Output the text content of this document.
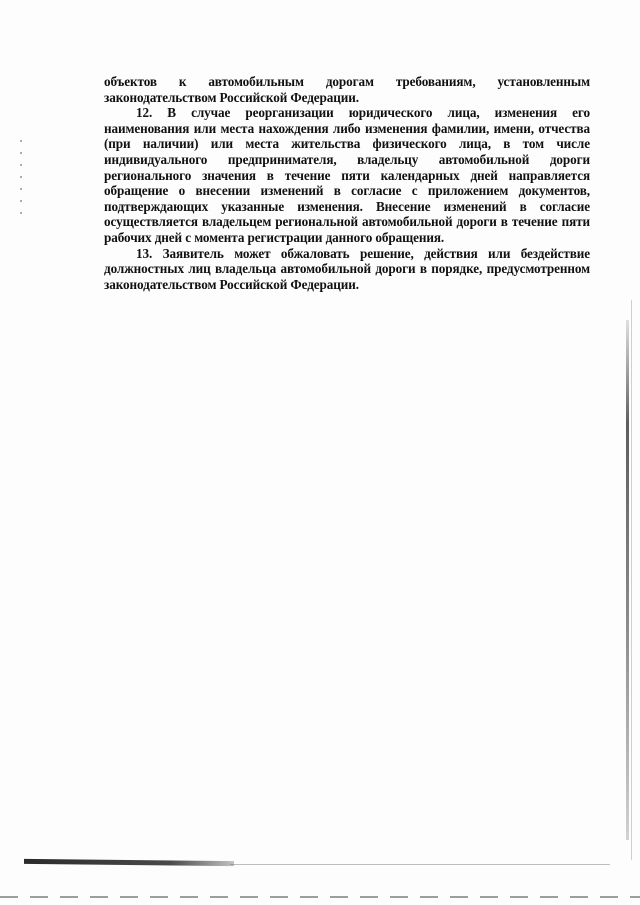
объектов к автомобильным дорогам требованиям, установленным законодательством Российской Федерации.

12. В случае реорганизации юридического лица, изменения его наименования или места нахождения либо изменения фамилии, имени, отчества (при наличии) или места жительства физического лица, в том числе индивидуального предпринимателя, владельцу автомобильной дороги регионального значения в течение пяти календарных дней направляется обращение о внесении изменений в согласие с приложением документов, подтверждающих указанные изменения. Внесение изменений в согласие осуществляется владельцем региональной автомобильной дороги в течение пяти рабочих дней с момента регистрации данного обращения.

13. Заявитель может обжаловать решение, действия или бездействие должностных лиц владельца автомобильной дороги в порядке, предусмотренном законодательством Российской Федерации.
